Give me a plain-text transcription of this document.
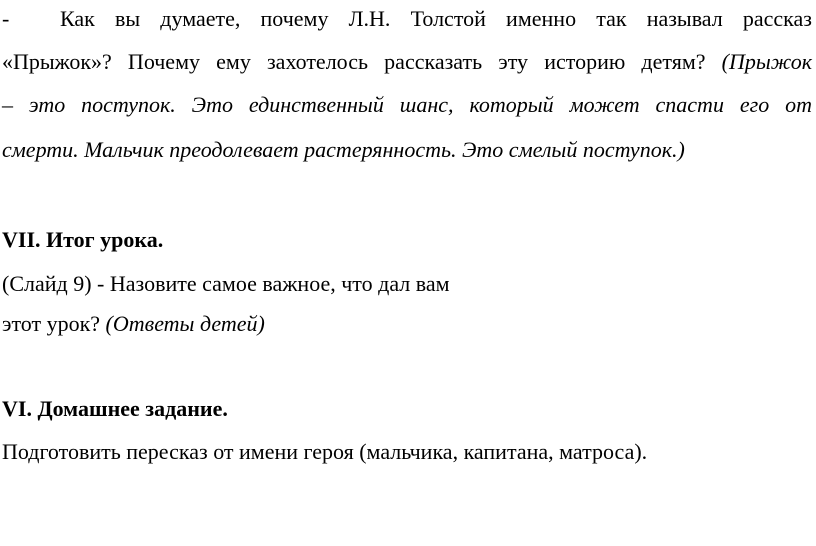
-	Как вы думаете, почему Л.Н. Толстой именно так называл рассказ
«Прыжок»? Почему ему захотелось рассказать эту историю детям? (Прыжок
– это поступок. Это единственный шанс, который может спасти его от
смерти. Мальчик преодолевает растерянность. Это смелый поступок.)
VII. Итог урока.
(Слайд 9) - Назовите самое важное, что дал вам
этот урок? (Ответы детей)
VI. Домашнее задание.
Подготовить пересказ от имени героя (мальчика, капитана, матроса).
